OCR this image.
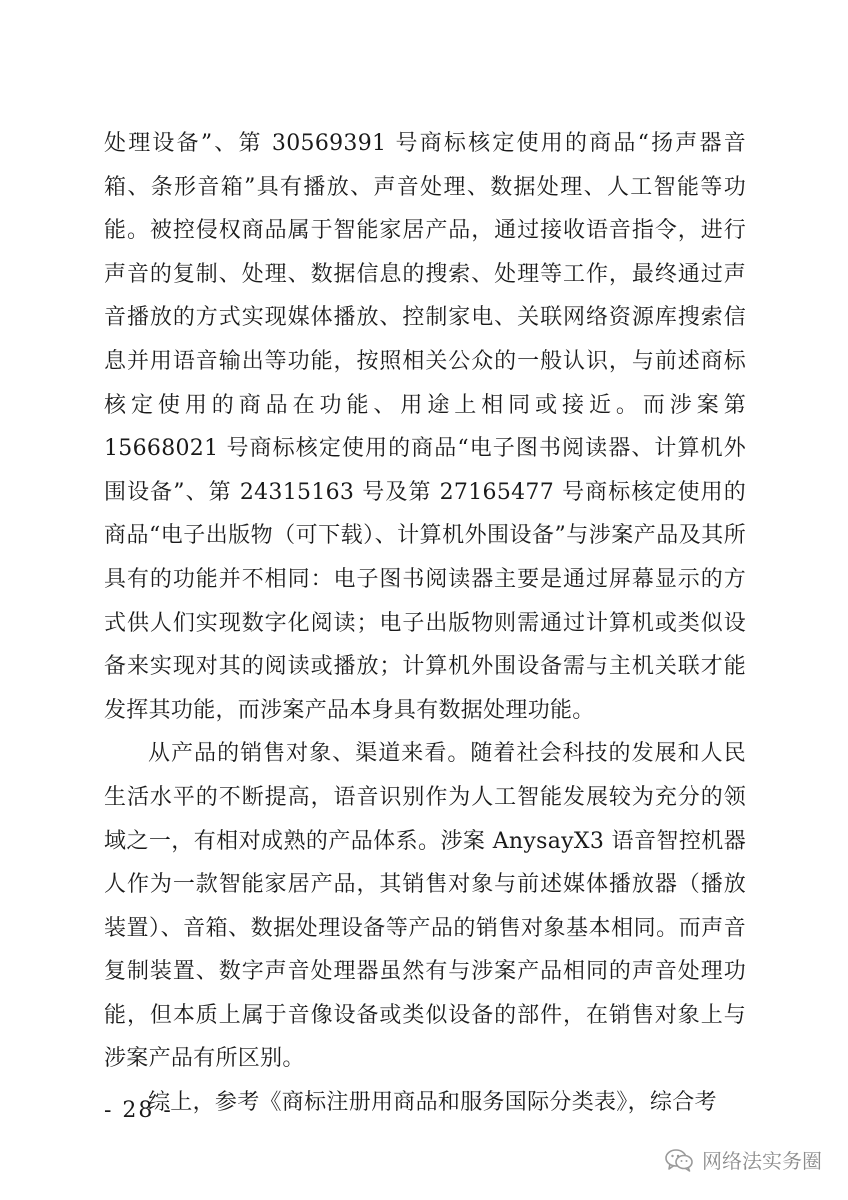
处理设备”、第 30569391 号商标核定使用的商品“扬声器音箱、条形音箱”具有播放、声音处理、数据处理、人工智能等功能。被控侵权商品属于智能家居产品，通过接收语音指令，进行声音的复制、处理、数据信息的搜索、处理等工作，最终通过声音播放的方式实现媒体播放、控制家电、关联网络资源库搜索信息并用语音输出等功能，按照相关公众的一般认识，与前述商标核定使用的商品在功能、用途上相同或接近。而涉案第 15668021 号商标核定使用的商品“电子图书阅读器、计算机外围设备”、第 24315163 号及第 27165477 号商标核定使用的商品“电子出版物（可下载）、计算机外围设备”与涉案产品及其所具有的功能并不相同：电子图书阅读器主要是通过屏幕显示的方式供人们实现数字化阅读；电子出版物则需通过计算机或类似设备来实现对其的阅读或播放；计算机外围设备需与主机关联才能发挥其功能，而涉案产品本身具有数据处理功能。

从产品的销售对象、渠道来看。随着社会科技的发展和人民生活水平的不断提高，语音识别作为人工智能发展较为充分的领域之一，有相对成熟的产品体系。涉案 AnysayX3 语音智控机器人作为一款智能家居产品，其销售对象与前述媒体播放器（播放装置）、音箱、数据处理设备等产品的销售对象基本相同。而声音复制装置、数字声音处理器虽然有与涉案产品相同的声音处理功能，但本质上属于音像设备或类似设备的部件，在销售对象上与涉案产品有所区别。

综上，参考《商标注册用商品和服务国际分类表》，综合考

- 28 -
网络法实务圈
